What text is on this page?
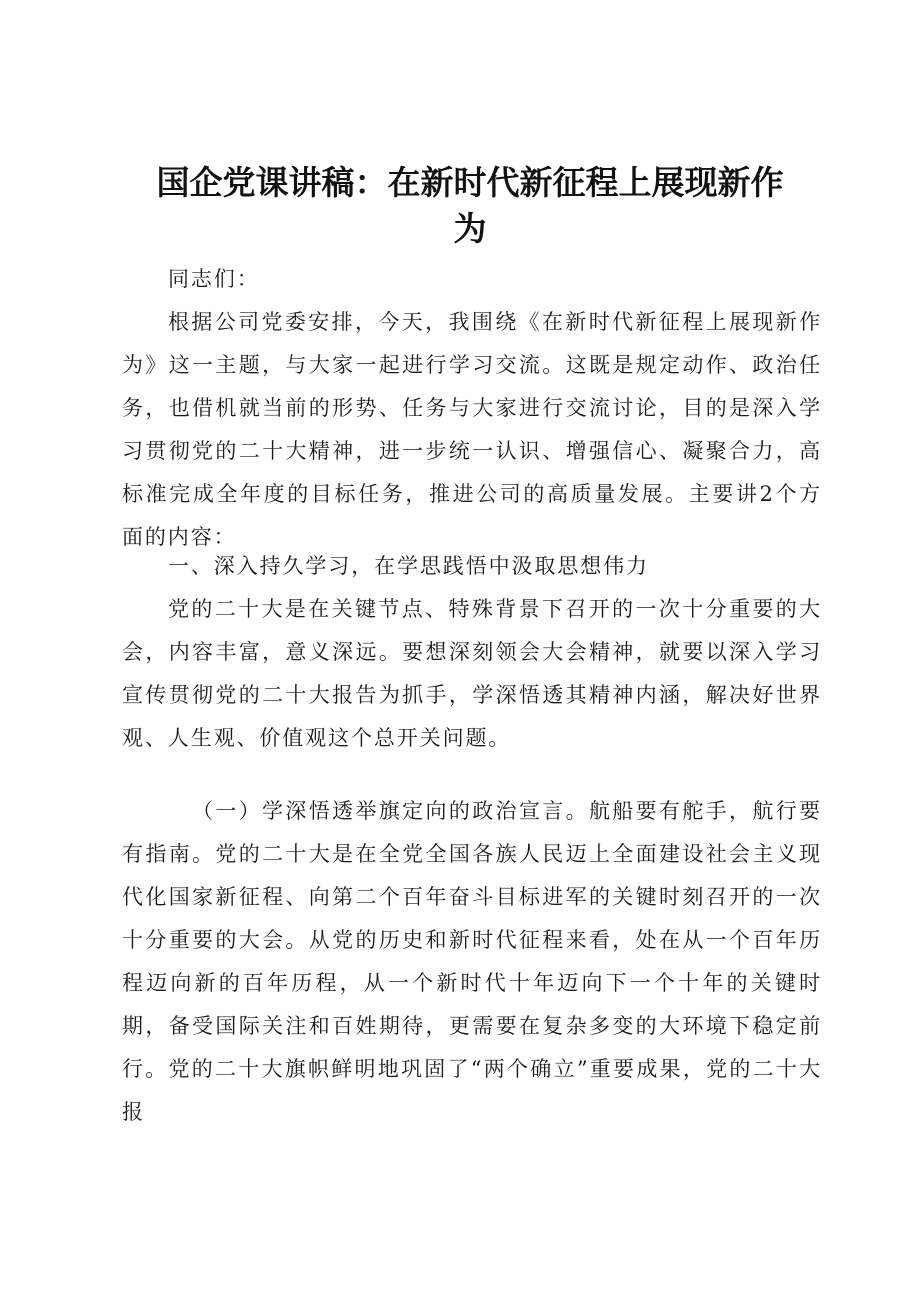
国企党课讲稿：在新时代新征程上展现新作为

同志们：

根据公司党委安排，今天，我围绕《在新时代新征程上展现新作为》这一主题，与大家一起进行学习交流。这既是规定动作、政治任务，也借机就当前的形势、任务与大家进行交流讨论，目的是深入学习贯彻党的二十大精神，进一步统一认识、增强信心、凝聚合力，高标准完成全年度的目标任务，推进公司的高质量发展。主要讲2个方面的内容：

一、深入持久学习，在学思践悟中汲取思想伟力

党的二十大是在关键节点、特殊背景下召开的一次十分重要的大会，内容丰富，意义深远。要想深刻领会大会精神，就要以深入学习宣传贯彻党的二十大报告为抓手，学深悟透其精神内涵，解决好世界观、人生观、价值观这个总开关问题。

（一）学深悟透举旗定向的政治宣言。航船要有舵手，航行要有指南。党的二十大是在全党全国各族人民迈上全面建设社会主义现代化国家新征程、向第二个百年奋斗目标进军的关键时刻召开的一次十分重要的大会。从党的历史和新时代征程来看，处在从一个百年历程迈向新的百年历程，从一个新时代十年迈向下一个十年的关键时期，备受国际关注和百姓期待，更需要在复杂多变的大环境下稳定前行。党的二十大旗帜鲜明地巩固了“两个确立”重要成果，党的二十大报
